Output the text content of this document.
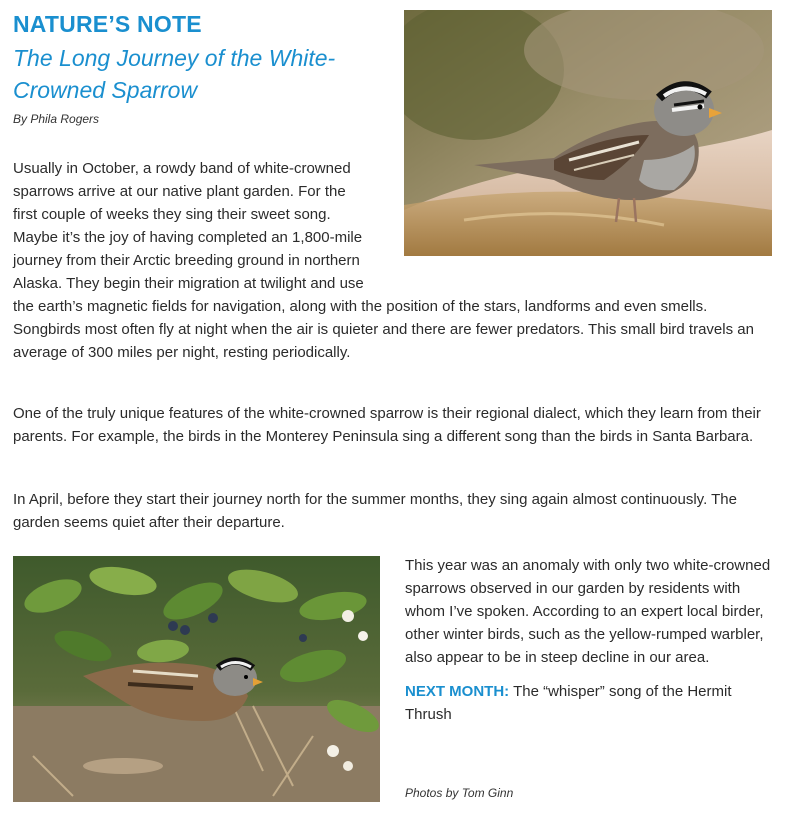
NATURE’S NOTE
The Long Journey of the White-Crowned Sparrow
By Phila Rogers
Usually in October, a rowdy band of white-crowned sparrows arrive at our native plant garden. For the first couple of weeks they sing their sweet song. Maybe it’s the joy of having completed an 1,800-mile journey from their Arctic breeding ground in northern Alaska. They begin their migration at twilight and use the earth’s magnetic fields for navigation, along with the position of the stars, landforms and even smells. Songbirds most often fly at night when the air is quieter and there are fewer predators. This small bird travels an average of 300 miles per night, resting periodically.
One of the truly unique features of the white-crowned sparrow is their regional dialect, which they learn from their parents. For example, the birds in the Monterey Peninsula sing a different song than the birds in Santa Barbara.
In April, before they start their journey north for the summer months, they sing again almost continuously. The garden seems quiet after their departure.
This year was an anomaly with only two white-crowned sparrows observed in our garden by residents with whom I’ve spoken. According to an expert local birder, other winter birds, such as the yellow-rumped warbler, also appear to be in steep decline in our area.
NEXT MONTH: The “whisper” song of the Hermit Thrush
Photos by Tom Ginn
